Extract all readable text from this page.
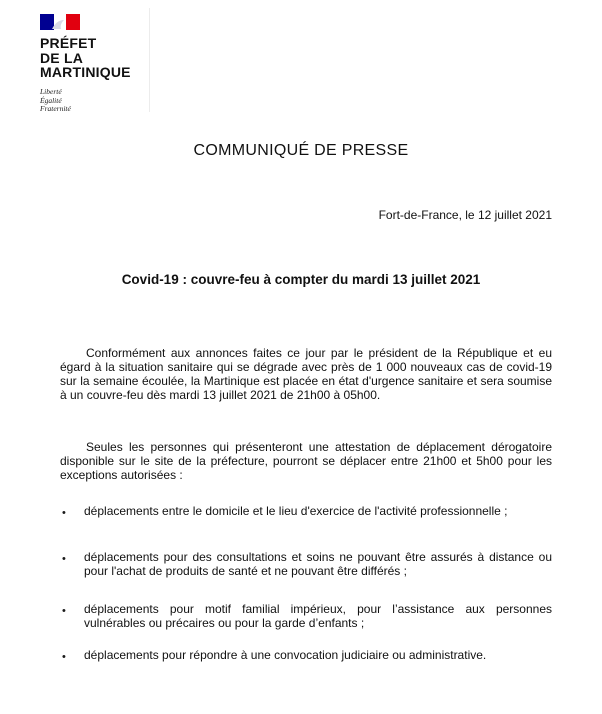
PRÉFET
DE LA
MARTINIQUE
Liberté
Égalité
Fraternité
COMMUNIQUÉ DE PRESSE
Fort-de-France, le 12 juillet 2021
Covid-19 : couvre-feu à compter du mardi 13 juillet 2021

Conformément aux annonces faites ce jour par le président de la République et eu égard à la situation sanitaire qui se dégrade avec près de 1 000 nouveaux cas de covid-19 sur la semaine écoulée, la Martinique est placée en état d'urgence sanitaire et sera soumise à un couvre-feu dès mardi 13 juillet 2021 de 21h00 à 05h00.

Seules les personnes qui présenteront une attestation de déplacement dérogatoire disponible sur le site de la préfecture, pourront se déplacer entre 21h00 et 5h00 pour les exceptions autorisées :

•	déplacements entre le domicile et le lieu d'exercice de l'activité professionnelle ;
•	déplacements pour des consultations et soins ne pouvant être assurés à distance ou pour l'achat de produits de santé et ne pouvant être différés ;
•	déplacements pour motif familial impérieux, pour l’assistance aux personnes vulnérables ou précaires ou pour la garde d’enfants ;
•	déplacements pour répondre à une convocation judiciaire ou administrative.
